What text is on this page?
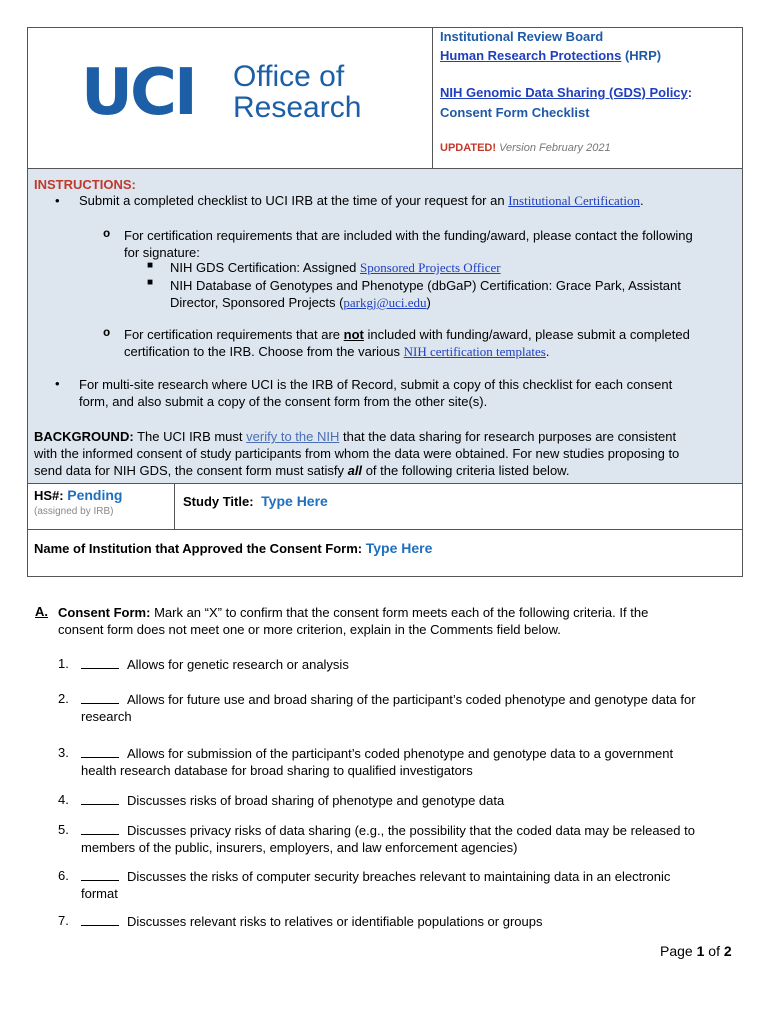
UCI Office of
Research
Institutional Review Board
Human Research Protections (HRP)
NIH Genomic Data Sharing (GDS) Policy:
Consent Form Checklist
UPDATED! Version February 2021
INSTRUCTIONS:
• Submit a completed checklist to UCI IRB at the time of your request for an Institutional Certification.
o For certification requirements that are included with the funding/award, please contact the following
for signature:
■ NIH GDS Certification: Assigned Sponsored Projects Officer
■ NIH Database of Genotypes and Phenotype (dbGaP) Certification: Grace Park, Assistant
Director, Sponsored Projects (parkgj@uci.edu)
o For certification requirements that are not included with funding/award, please submit a completed
certification to the IRB. Choose from the various NIH certification templates.
• For multi-site research where UCI is the IRB of Record, submit a copy of this checklist for each consent
form, and also submit a copy of the consent form from the other site(s).
BACKGROUND: The UCI IRB must verify to the NIH that the data sharing for research purposes are consistent
with the informed consent of study participants from whom the data were obtained. For new studies proposing to
send data for NIH GDS, the consent form must satisfy all of the following criteria listed below.
HS#: Pending
(assigned by IRB)
Study Title: Type Here
Name of Institution that Approved the Consent Form: Type Here
A. Consent Form: Mark an “X” to confirm that the consent form meets each of the following criteria. If the
consent form does not meet one or more criterion, explain in the Comments field below.
1.	Allows for genetic research or analysis
2.	Allows for future use and broad sharing of the participant’s coded phenotype and genotype data for
research
3.	Allows for submission of the participant’s coded phenotype and genotype data to a government
health research database for broad sharing to qualified investigators
4.	Discusses risks of broad sharing of phenotype and genotype data
5.	Discusses privacy risks of data sharing (e.g., the possibility that the coded data may be released to
members of the public, insurers, employers, and law enforcement agencies)
6.	Discusses the risks of computer security breaches relevant to maintaining data in an electronic
format
7.	Discusses relevant risks to relatives or identifiable populations or groups
Page 1 of 2
